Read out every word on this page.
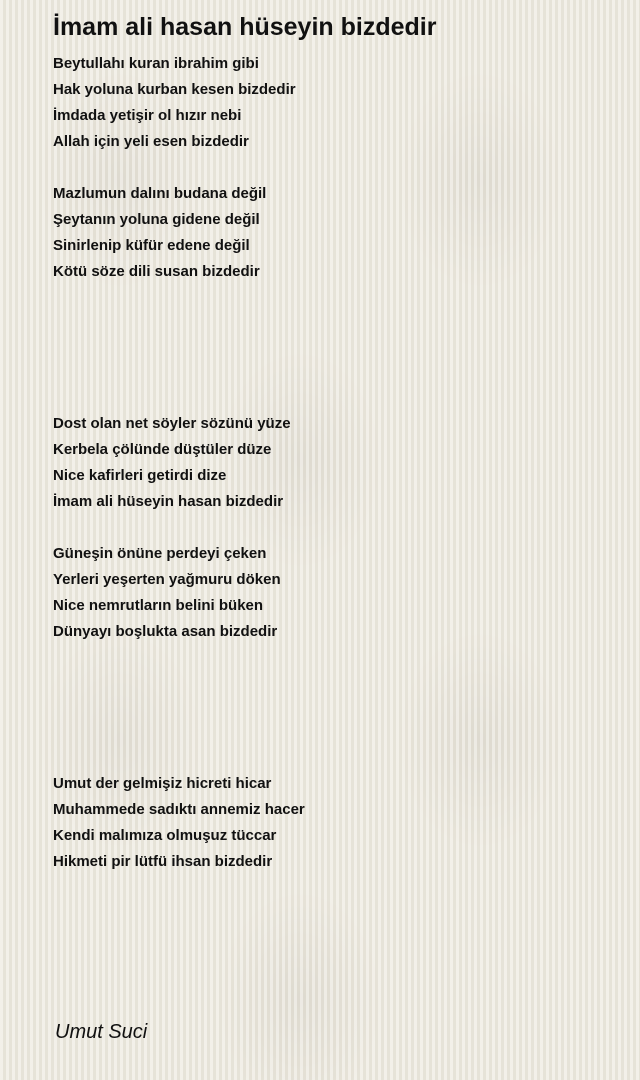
İmam ali hasan hüseyin bizdedir
Beytullahı kuran ibrahim gibi
Hak yoluna kurban kesen bizdedir
İmdada yetişir ol hızır nebi
Allah için yeli esen bizdedir
Mazlumun dalını budana değil
Şeytanın yoluna gidene değil
Sinirlenip küfür edene değil
Kötü söze dili susan bizdedir
Dost olan net söyler sözünü yüze
Kerbela çölünde düştüler düze
Nice kafirleri getirdi dize
İmam ali hüseyin hasan bizdedir
Güneşin önüne perdeyi çeken
Yerleri yeşerten yağmuru döken
Nice nemrutların belini büken
Dünyayı boşlukta asan bizdedir
Umut der gelmişiz hicreti hicar
Muhammede sadıktı annemiz hacer
Kendi malımıza olmuşuz tüccar
Hikmeti pir lütfü ihsan bizdedir
Umut Suci
